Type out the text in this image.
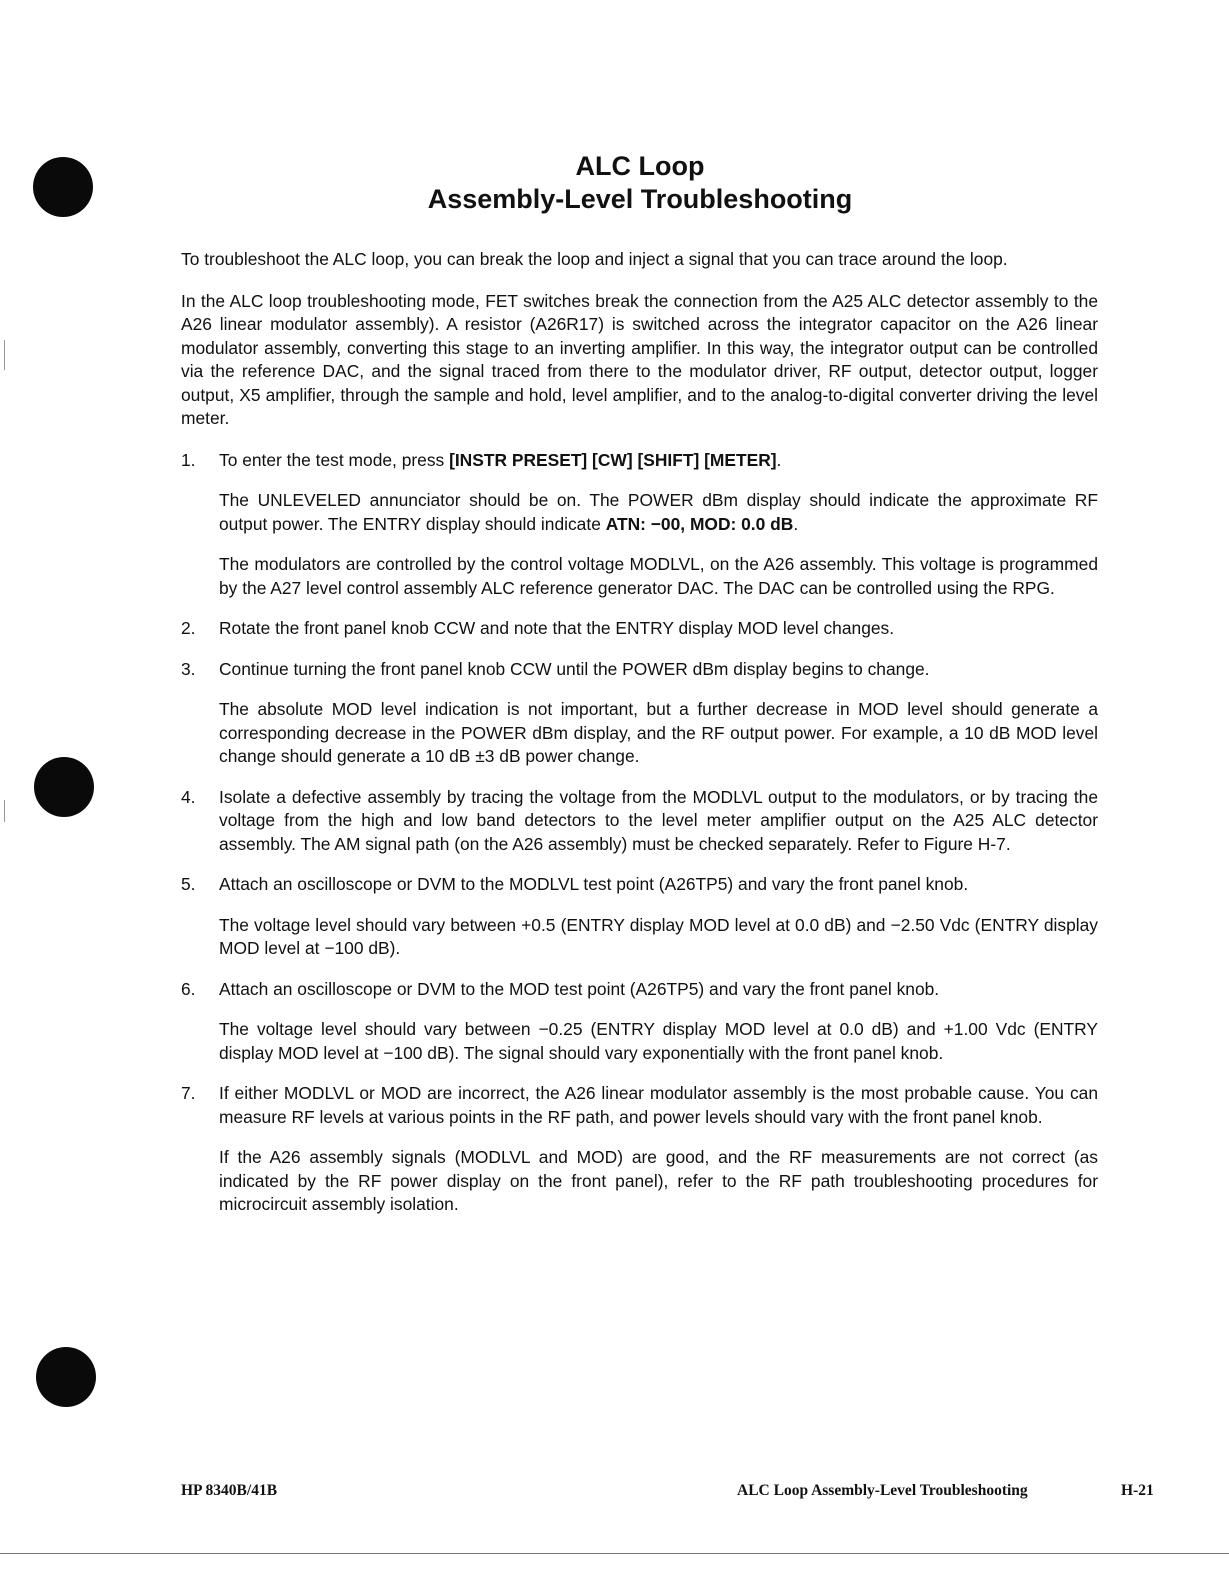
ALC Loop
Assembly-Level Troubleshooting

To troubleshoot the ALC loop, you can break the loop and inject a signal that you can trace around the loop.

In the ALC loop troubleshooting mode, FET switches break the connection from the A25 ALC detector assembly to the A26 linear modulator assembly). A resistor (A26R17) is switched across the integrator capacitor on the A26 linear modulator assembly, converting this stage to an inverting amplifier. In this way, the integrator output can be controlled via the reference DAC, and the signal traced from there to the modulator driver, RF output, detector output, logger output, X5 amplifier, through the sample and hold, level amplifier, and to the analog-to-digital converter driving the level meter.

1. To enter the test mode, press [INSTR PRESET] [CW] [SHIFT] [METER].

The UNLEVELED annunciator should be on. The POWER dBm display should indicate the approximate RF output power. The ENTRY display should indicate ATN: −00, MOD: 0.0 dB.

The modulators are controlled by the control voltage MODLVL, on the A26 assembly. This voltage is programmed by the A27 level control assembly ALC reference generator DAC. The DAC can be controlled using the RPG.

2. Rotate the front panel knob CCW and note that the ENTRY display MOD level changes.

3. Continue turning the front panel knob CCW until the POWER dBm display begins to change.

The absolute MOD level indication is not important, but a further decrease in MOD level should generate a corresponding decrease in the POWER dBm display, and the RF output power. For example, a 10 dB MOD level change should generate a 10 dB ±3 dB power change.

4. Isolate a defective assembly by tracing the voltage from the MODLVL output to the modulators, or by tracing the voltage from the high and low band detectors to the level meter amplifier output on the A25 ALC detector assembly. The AM signal path (on the A26 assembly) must be checked separately. Refer to Figure H-7.

5. Attach an oscilloscope or DVM to the MODLVL test point (A26TP5) and vary the front panel knob.

The voltage level should vary between +0.5 (ENTRY display MOD level at 0.0 dB) and −2.50 Vdc (ENTRY display MOD level at −100 dB).

6. Attach an oscilloscope or DVM to the MOD test point (A26TP5) and vary the front panel knob.

The voltage level should vary between −0.25 (ENTRY display MOD level at 0.0 dB) and +1.00 Vdc (ENTRY display MOD level at −100 dB). The signal should vary exponentially with the front panel knob.

7. If either MODLVL or MOD are incorrect, the A26 linear modulator assembly is the most probable cause. You can measure RF levels at various points in the RF path, and power levels should vary with the front panel knob.

If the A26 assembly signals (MODLVL and MOD) are good, and the RF measurements are not correct (as indicated by the RF power display on the front panel), refer to the RF path troubleshooting procedures for microcircuit assembly isolation.

HP 8340B/41B	ALC Loop Assembly-Level Troubleshooting	H-21
